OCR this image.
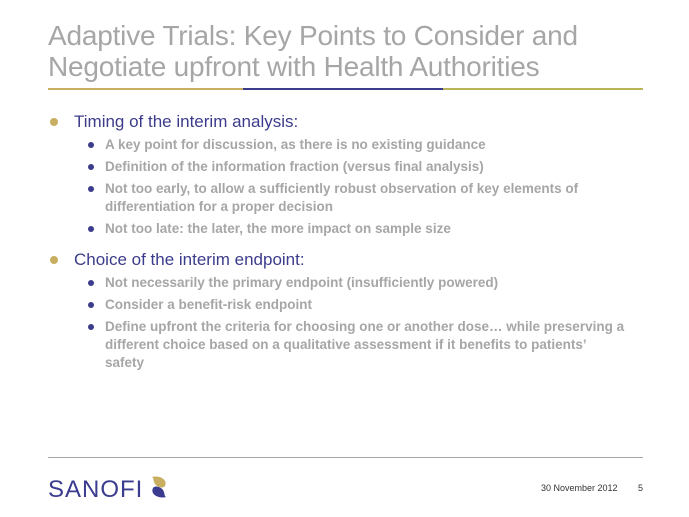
Adaptive Trials: Key Points to Consider and
Negotiate upfront with Health Authorities
Timing of the interim analysis:
A key point for discussion, as there is no existing guidance
Definition of the information fraction (versus final analysis)
Not too early, to allow a sufficiently robust observation of key elements of differentiation for a proper decision
Not too late: the later, the more impact on sample size
Choice of the interim endpoint:
Not necessarily the primary endpoint (insufficiently powered)
Consider a benefit-risk endpoint
Define upfront the criteria for choosing one or another dose… while preserving a different choice based on a qualitative assessment if it benefits to patients’ safety
SANOFI	30 November 2012 5
